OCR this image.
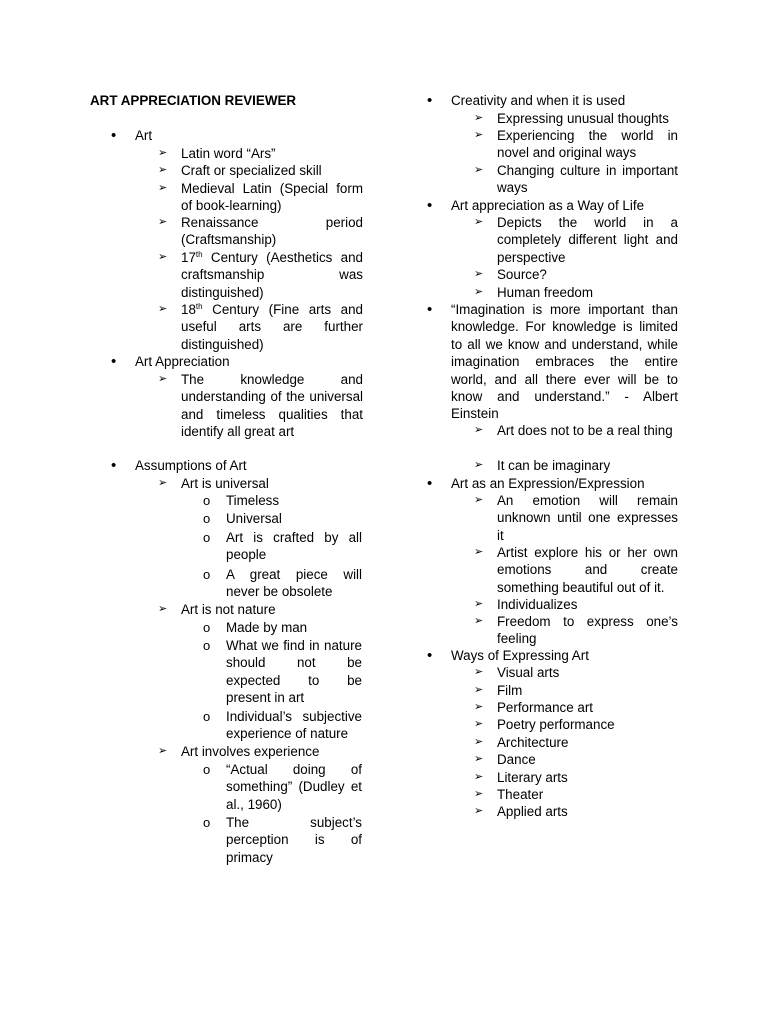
ART APPRECIATION REVIEWER
•	Art
➢	Latin word “Ars”
➢	Craft or specialized skill
➢	Medieval Latin (Special form of book-learning)
➢	Renaissance period (Craftsmanship)
➢	17th Century (Aesthetics and craftsmanship was distinguished)
➢	18th Century (Fine arts and useful arts are further distinguished)
•	Art Appreciation
➢	The knowledge and understanding of the universal and timeless qualities that identify all great art
•	Assumptions of Art
➢	Art is universal
o	Timeless
o	Universal
o	Art is crafted by all people
o	A great piece will never be obsolete
➢	Art is not nature
o	Made by man
o	What we find in nature should not be expected to be present in art
o	Individual’s subjective experience of nature
➢	Art involves experience
o	“Actual doing of something” (Dudley et al., 1960)
o	The subject’s perception is of primacy
•	Creativity and when it is used
➢	Expressing unusual thoughts
➢	Experiencing the world in novel and original ways
➢	Changing culture in important ways
•	Art appreciation as a Way of Life
➢	Depicts the world in a completely different light and perspective
➢	Source?
➢	Human freedom
•	“Imagination is more important than knowledge. For knowledge is limited to all we know and understand, while imagination embraces the entire world, and all there ever will be to know and understand.” - Albert Einstein
➢	Art does not to be a real thing
➢	It can be imaginary
•	Art as an Expression/Expression
➢	An emotion will remain unknown until one expresses it
➢	Artist explore his or her own emotions and create something beautiful out of it.
➢	Individualizes
➢	Freedom to express one’s feeling
•	Ways of Expressing Art
➢	Visual arts
➢	Film
➢	Performance art
➢	Poetry performance
➢	Architecture
➢	Dance
➢	Literary arts
➢	Theater
➢	Applied arts
